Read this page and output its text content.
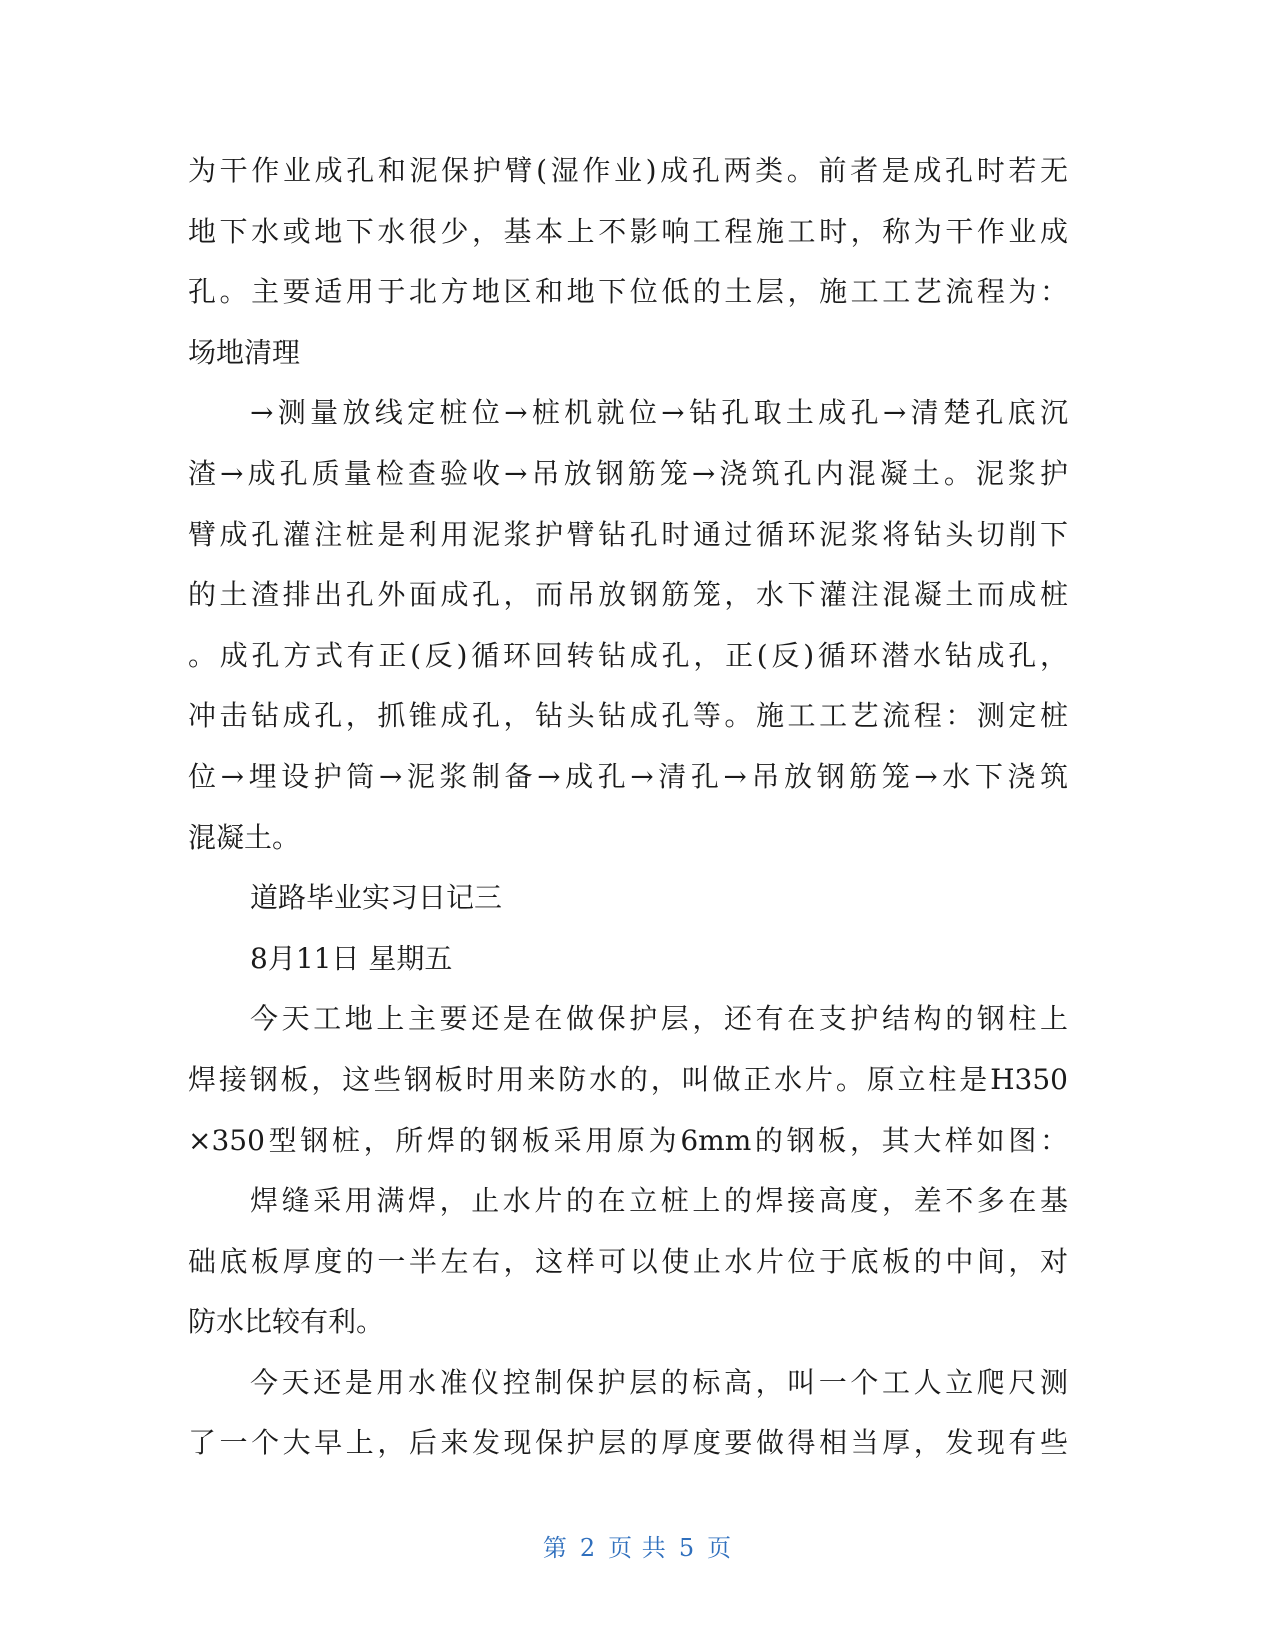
为干作业成孔和泥保护臂(湿作业)成孔两类。前者是成孔时若无
地下水或地下水很少，基本上不影响工程施工时，称为干作业成
孔。主要适用于北方地区和地下位低的土层，施工工艺流程为：
场地清理
→测量放线定桩位→桩机就位→钻孔取土成孔→清楚孔底沉
渣→成孔质量检查验收→吊放钢筋笼→浇筑孔内混凝土。泥浆护
臂成孔灌注桩是利用泥浆护臂钻孔时通过循环泥浆将钻头切削下
的土渣排出孔外面成孔，而吊放钢筋笼，水下灌注混凝土而成桩
。成孔方式有正(反)循环回转钻成孔，正(反)循环潜水钻成孔，
冲击钻成孔，抓锥成孔，钻头钻成孔等。施工工艺流程：测定桩
位→埋设护筒→泥浆制备→成孔→清孔→吊放钢筋笼→水下浇筑
混凝土。
道路毕业实习日记三
8月11日 星期五
今天工地上主要还是在做保护层，还有在支护结构的钢柱上
焊接钢板，这些钢板时用来防水的，叫做正水片。原立柱是H350
×350型钢桩，所焊的钢板采用原为6mm的钢板，其大样如图：
焊缝采用满焊，止水片的在立桩上的焊接高度，差不多在基
础底板厚度的一半左右，这样可以使止水片位于底板的中间，对
防水比较有利。
今天还是用水准仪控制保护层的标高，叫一个工人立爬尺测
了一个大早上，后来发现保护层的厚度要做得相当厚，发现有些
第 2 页 共 5 页
